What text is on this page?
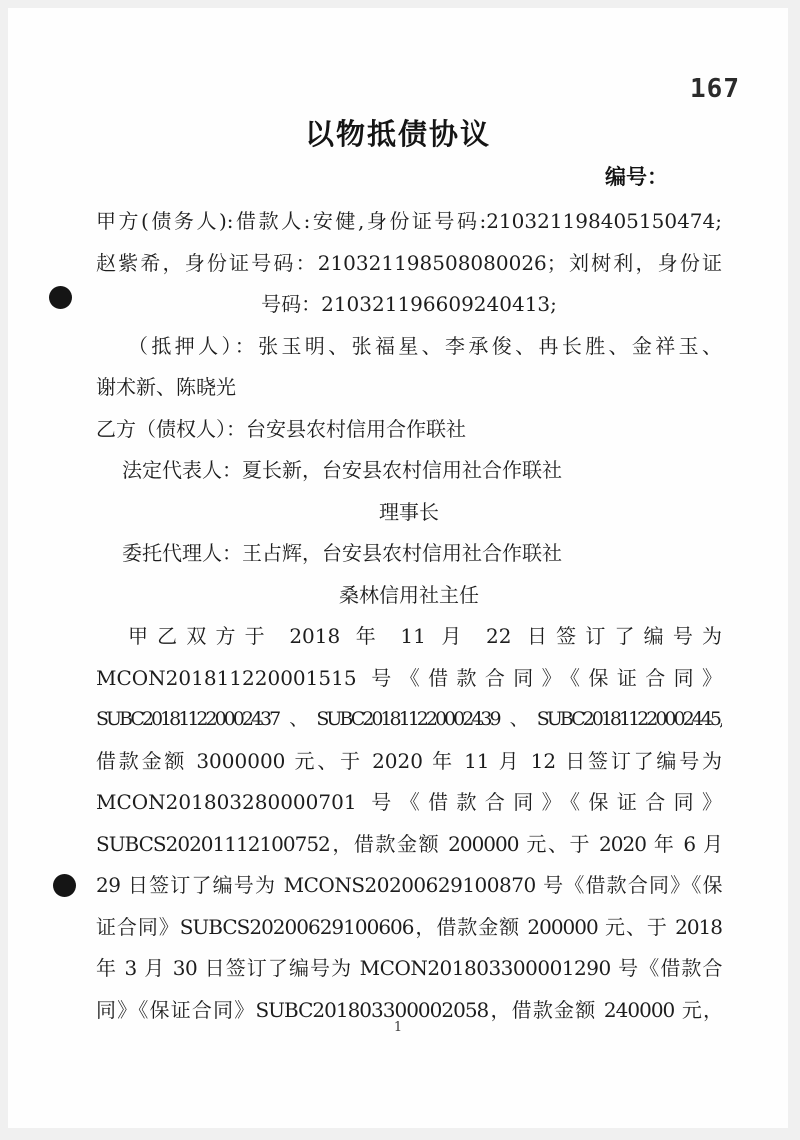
167
以物抵债协议
编号：
甲方(债务人):借款人:安健,身份证号码:210321198405150474;
赵紫希，身份证号码：210321198508080026；刘树利，身份证
号码：210321196609240413;
（抵押人）：张玉明、张福星、李承俊、冉长胜、金祥玉、
谢术新、陈晓光
乙方（债权人）：台安县农村信用合作联社
法定代表人：夏长新，台安县农村信用社合作联社
理事长
委托代理人：王占辉，台安县农村信用社合作联社
桑林信用社主任
甲乙双方于 2018 年 11 月 22 日签订了编号为
MCON201811220001515 号《借款合同》《保证合同》
SUBC201811220002437、SUBC201811220002439、SUBC201811220002445,
借款金额 3000000 元、于 2020 年 11 月 12 日签订了编号为
MCON201803280000701 号《借款合同》《保证合同》
SUBCS20201112100752，借款金额 200000 元、于 2020 年 6 月
29 日签订了编号为 MCONS20200629100870 号《借款合同》《保
证合同》SUBCS20200629100606，借款金额 200000 元、于 2018
年 3 月 30 日签订了编号为 MCON201803300001290 号《借款合
同》《保证合同》SUBC201803300002058，借款金额 240000 元，
1
